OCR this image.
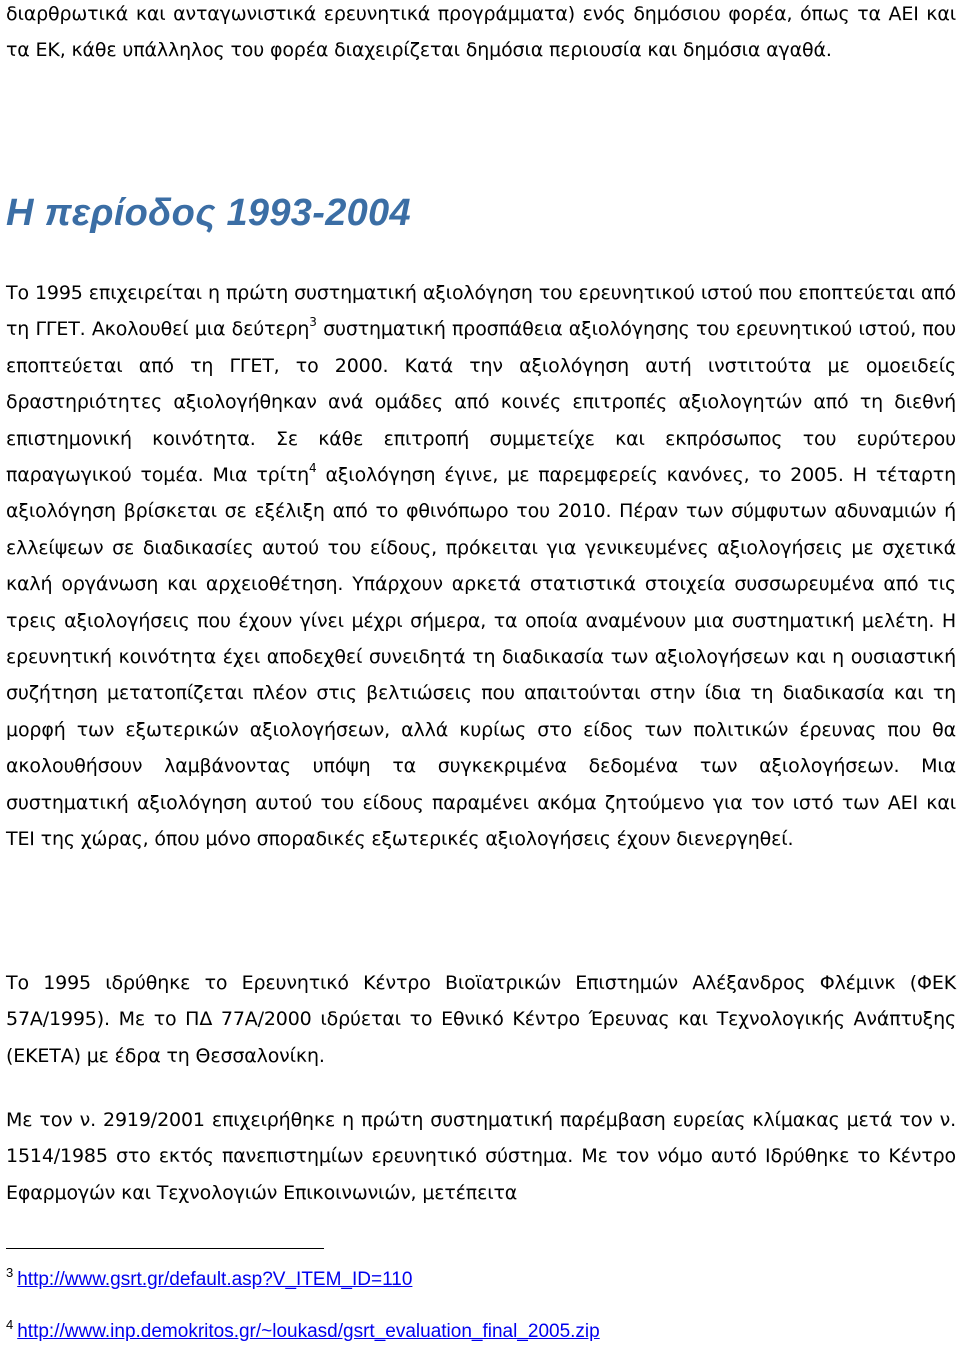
διαρθρωτικά και ανταγωνιστικά ερευνητικά προγράμματα) ενός δημόσιου φορέα, όπως τα ΑΕΙ και τα ΕΚ, κάθε υπάλληλος του φορέα διαχειρίζεται δημόσια περιουσία και δημόσια αγαθά.

Η περίοδος 1993-2004

Το 1995 επιχειρείται η πρώτη συστηματική αξιολόγηση του ερευνητικού ιστού που εποπτεύεται από τη ΓΓΕΤ. Ακολουθεί μια δεύτερη$^3$ συστηματική προσπάθεια αξιολόγησης του ερευνητικού ιστού, που εποπτεύεται από τη ΓΓΕΤ, το 2000. Κατά την αξιολόγηση αυτή ινστιτούτα με ομοειδείς δραστηριότητες αξιολογήθηκαν ανά ομάδες από κοινές επιτροπές αξιολογητών από τη διεθνή επιστημονική κοινότητα. Σε κάθε επιτροπή συμμετείχε και εκπρόσωπος του ευρύτερου παραγωγικού τομέα. Μια τρίτη$^4$ αξιολόγηση έγινε, με παρεμφερείς κανόνες, το 2005. Η τέταρτη αξιολόγηση βρίσκεται σε εξέλιξη από το φθινόπωρο του 2010. Πέραν των σύμφυτων αδυναμιών ή ελλείψεων σε διαδικασίες αυτού του είδους, πρόκειται για γενικευμένες αξιολογήσεις με σχετικά καλή οργάνωση και αρχειοθέτηση. Υπάρχουν αρκετά στατιστικά στοιχεία συσσωρευμένα από τις τρεις αξιολογήσεις που έχουν γίνει μέχρι σήμερα, τα οποία αναμένουν μια συστηματική μελέτη. Η ερευνητική κοινότητα έχει αποδεχθεί συνειδητά τη διαδικασία των αξιολογήσεων και η ουσιαστική συζήτηση μετατοπίζεται πλέον στις βελτιώσεις που απαιτούνται στην ίδια τη διαδικασία και τη μορφή των εξωτερικών αξιολογήσεων, αλλά κυρίως στο είδος των πολιτικών έρευνας που θα ακολουθήσουν λαμβάνοντας υπόψη τα συγκεκριμένα δεδομένα των αξιολογήσεων. Μια συστηματική αξιολόγηση αυτού του είδους παραμένει ακόμα ζητούμενο για τον ιστό των ΑΕΙ και ΤΕΙ της χώρας, όπου μόνο σποραδικές εξωτερικές αξιολογήσεις έχουν διενεργηθεί.

Το 1995 ιδρύθηκε το Ερευνητικό Κέντρο Βιοϊατρικών Επιστημών Αλέξανδρος Φλέμινκ (ΦΕΚ 57Α/1995). Με το ΠΔ 77Α/2000 ιδρύεται το Εθνικό Κέντρο Έρευνας και Τεχνολογικής Ανάπτυξης (ΕΚΕΤΑ) με έδρα τη Θεσσαλονίκη.

Με τον ν. 2919/2001 επιχειρήθηκε η πρώτη συστηματική παρέμβαση ευρείας κλίμακας μετά τον ν. 1514/1985 στο εκτός πανεπιστημίων ερευνητικό σύστημα. Με τον νόμο αυτό Ιδρύθηκε το Κέντρο Εφαρμογών και Τεχνολογιών Επικοινωνιών, μετέπειτα

$^3$ http://www.gsrt.gr/default.asp?V_ITEM_ID=110

$^4$ http://www.inp.demokritos.gr/~loukasd/gsrt_evaluation_final_2005.zip
